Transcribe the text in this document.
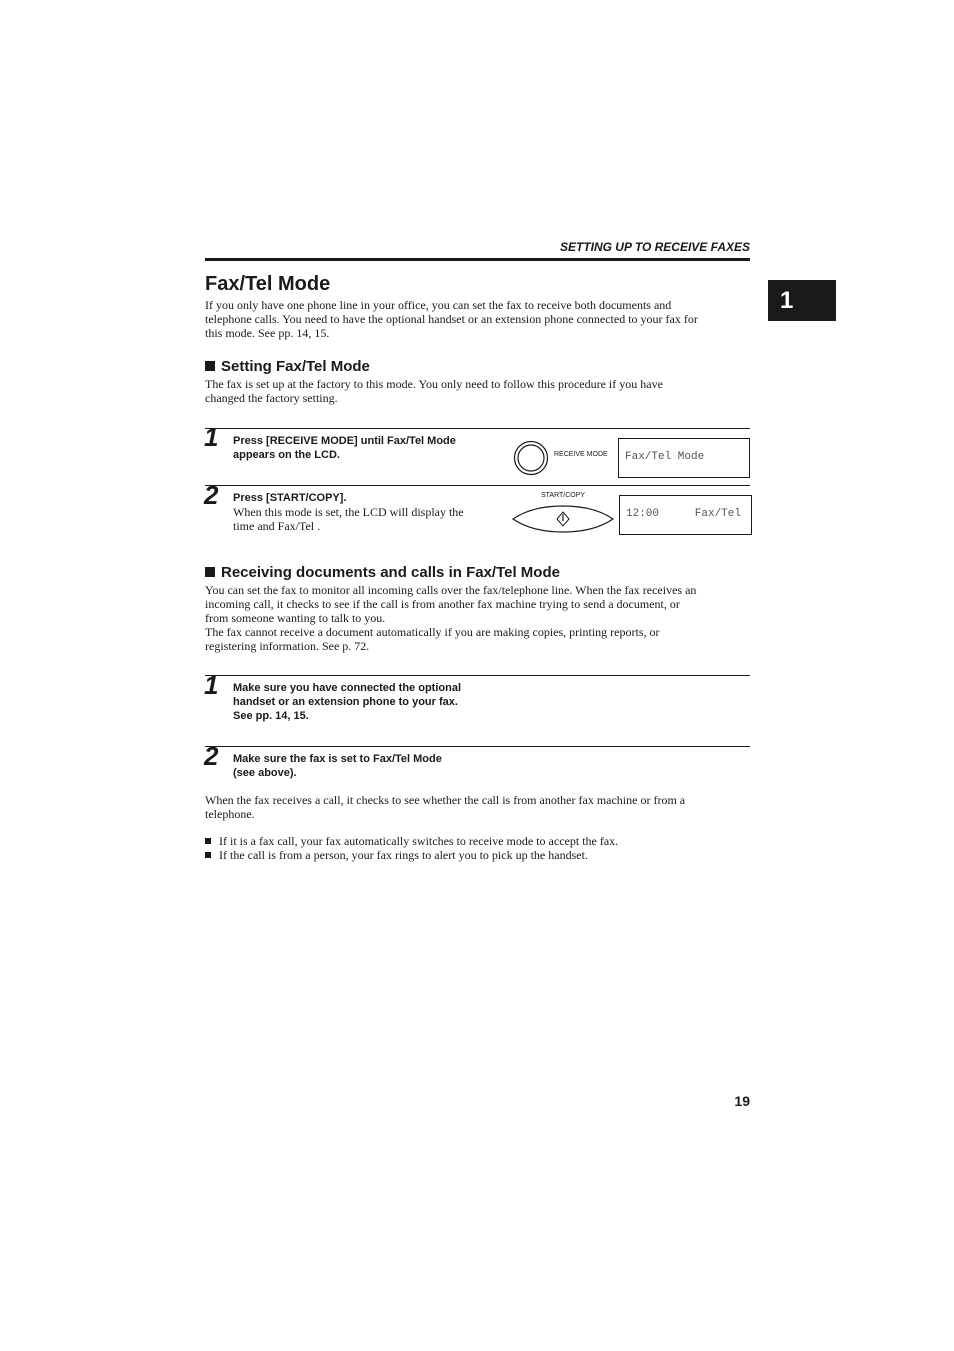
SETTING UP TO RECEIVE FAXES
1
Fax/Tel Mode
If you only have one phone line in your office, you can set the fax to receive both documents and
telephone calls. You need to have the optional handset or an extension phone connected to your fax for
this mode. See pp. 14, 15.
Setting Fax/Tel Mode
The fax is set up at the factory to this mode. You only need to follow this procedure if you have
changed the factory setting.
1 Press [RECEIVE MODE] until Fax/Tel Mode
appears on the LCD.	RECEIVE MODE	Fax/Tel Mode
2 Press [START/COPY].
When this mode is set, the LCD will display the
time and Fax/Tel .
START/COPY
12:00	Fax/Tel
Receiving documents and calls in Fax/Tel Mode
You can set the fax to monitor all incoming calls over the fax/telephone line. When the fax receives an
incoming call, it checks to see if the call is from another fax machine trying to send a document, or
from someone wanting to talk to you.
The fax cannot receive a document automatically if you are making copies, printing reports, or
registering information. See p. 72.
1 Make sure you have connected the optional
handset or an extension phone to your fax.
See pp. 14, 15.
2 Make sure the fax is set to Fax/Tel Mode
(see above).
When the fax receives a call, it checks to see whether the call is from another fax machine or from a
telephone.
If it is a fax call, your fax automatically switches to receive mode to accept the fax.
If the call is from a person, your fax rings to alert you to pick up the handset.
19
